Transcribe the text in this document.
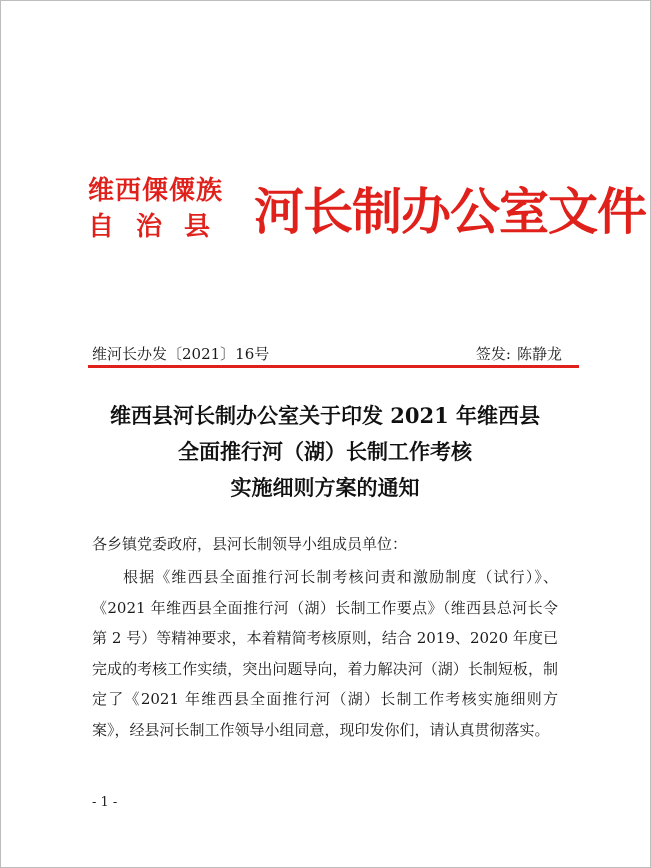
维西傈僳族
自治县 河长制办公室文件
维河长办发〔2021〕16号	签发: 陈静龙
维西县河长制办公室关于印发 2021 年维西县
全面推行河（湖）长制工作考核
实施细则方案的通知
各乡镇党委政府，县河长制领导小组成员单位：
根据《维西县全面推行河长制考核问责和激励制度（试行）》、《2021 年维西县全面推行河（湖）长制工作要点》（维西县总河长令第 2 号）等精神要求，本着精简考核原则，结合 2019、2020 年度已完成的考核工作实绩，突出问题导向，着力解决河（湖）长制短板，制定了《2021 年维西县全面推行河（湖）长制工作考核实施细则方案》，经县河长制工作领导小组同意，现印发你们，请认真贯彻落实。
- 1 -
